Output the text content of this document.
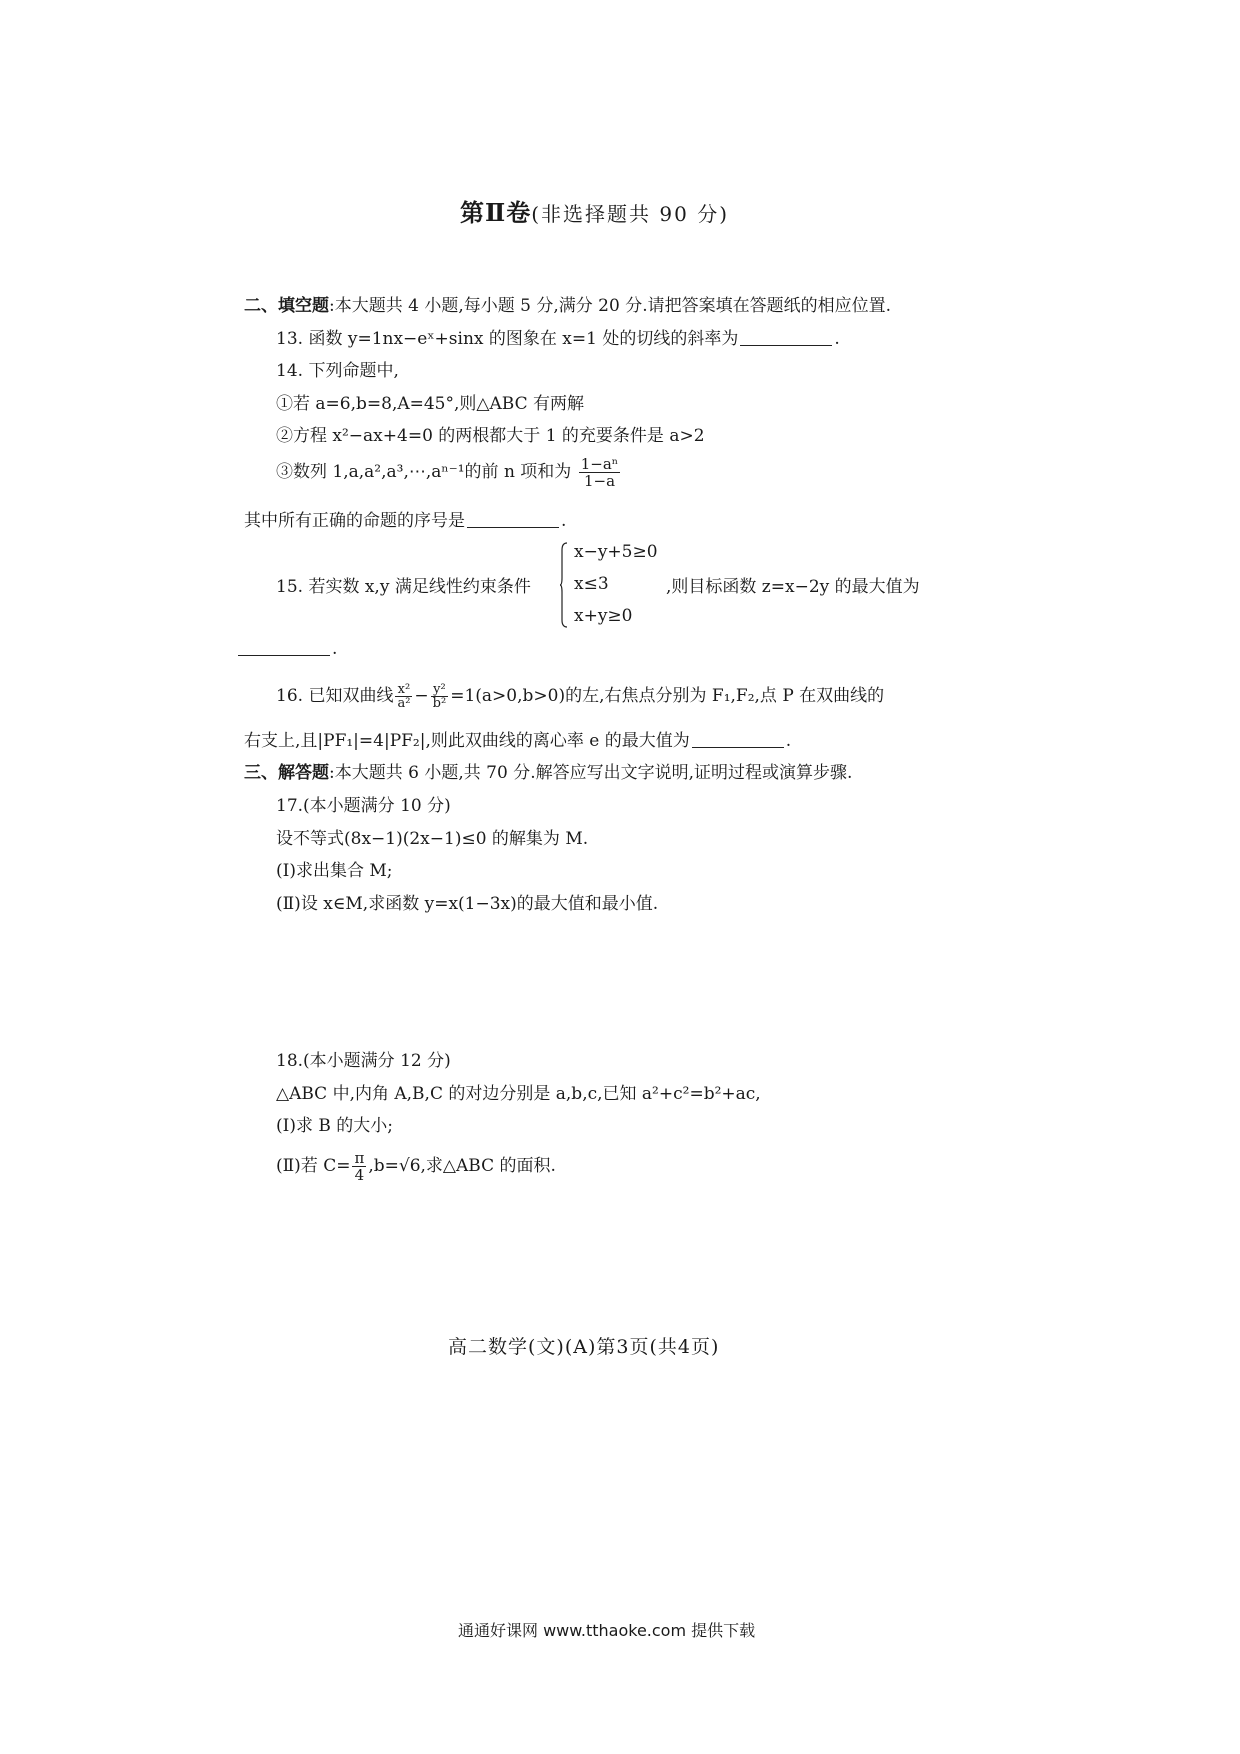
第Ⅱ卷(非选择题共 90 分)
二、填空题:本大题共 4 小题,每小题 5 分,满分 20 分.请把答案填在答题纸的相应位置.
13. 函数 y=1nx−eˣ+sinx 的图象在 x=1 处的切线的斜率为	.
14. 下列命题中,
①若 a=6,b=8,A=45°,则△ABC 有两解
②方程 x²−ax+4=0 的两根都大于 1 的充要条件是 a>2
③数列 1,a,a²,a³,⋯,aⁿ⁻¹的前 n 项和为 $\frac{\text{1−aⁿ}}{1-a}$
其中所有正确的命题的序号是	.
15. 若实数 x,y 满足线性约束条件
x−y+5≥0
x≤3
x+y≥0
,则目标函数 z=x−2y 的最大值为
.
16. 已知双曲线 $\frac{\text{x²}}{\text{a²}} - \frac{\text{y²}}{\text{b²}} =1(a>0,b>0)$的左,右焦点分别为 F₁,F₂,点 P 在双曲线的
右支上,且|PF₁|=4|PF₂|,则此双曲线的离心率 e 的最大值为	.
三、解答题:本大题共 6 小题,共 70 分.解答应写出文字说明,证明过程或演算步骤.
17.(本小题满分 10 分)
设不等式(8x−1)(2x−1)≤0 的解集为 M.
(Ⅰ)求出集合 M;
(Ⅱ)设 x∈M,求函数 y=x(1−3x)的最大值和最小值.
18.(本小题满分 12 分)
△ABC 中,内角 A,B,C 的对边分别是 a,b,c,已知 a²+c²=b²+ac,
(Ⅰ)求 B 的大小;
(Ⅱ)若 $C= \frac{\pi}{4} ,b=√6$,求△ABC 的面积.
高二数学(文)(A)第3页(共4页)
通通好课网 www.tthaoke.com 提供下载
